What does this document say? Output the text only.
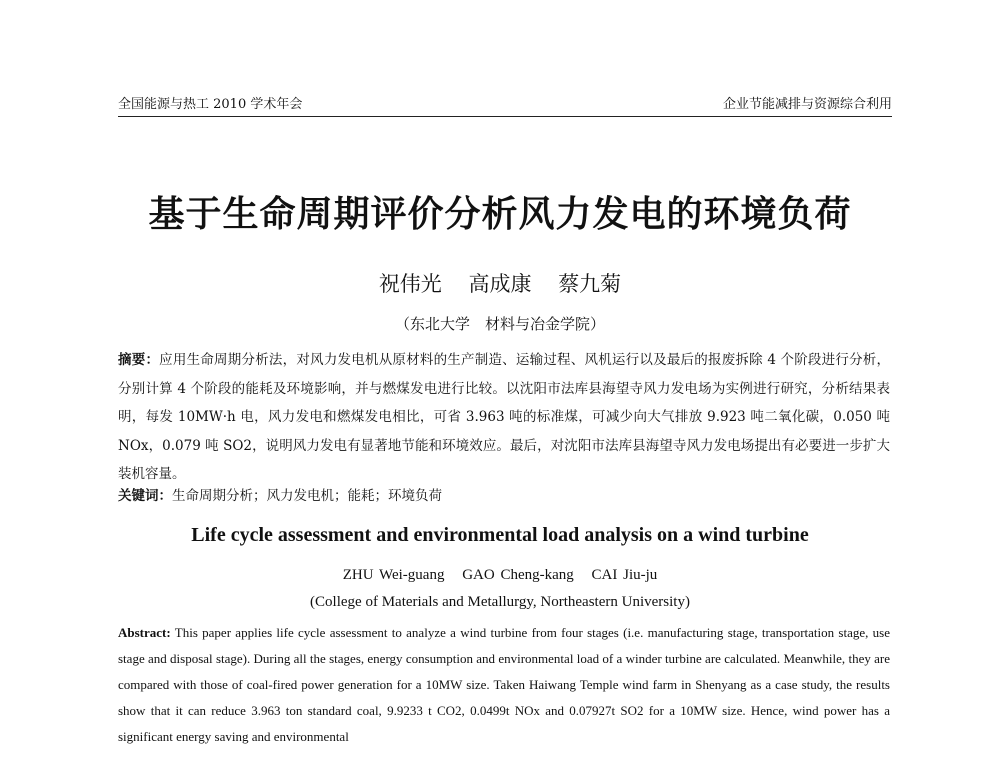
全国能源与热工 2010 学术年会	企业节能减排与资源综合利用
基于生命周期评价分析风力发电的环境负荷
祝伟光 高成康 蔡九菊
（东北大学　材料与冶金学院）
摘要：应用生命周期分析法，对风力发电机从原材料的生产制造、运输过程、风机运行以及最后的报废拆除 4 个阶段进行分析，分别计算 4 个阶段的能耗及环境影响，并与燃煤发电进行比较。以沈阳市法库县海望寺风力发电场为实例进行研究，分析结果表明，每发 10MW·h 电，风力发电和燃煤发电相比，可省 3.963 吨的标准煤，可减少向大气排放 9.923 吨二氧化碳，0.050 吨 NOx，0.079 吨 SO2，说明风力发电有显著地节能和环境效应。最后，对沈阳市法库县海望寺风力发电场提出有必要进一步扩大装机容量。
关键词：生命周期分析；风力发电机；能耗；环境负荷
Life cycle assessment and environmental load analysis on a wind turbine
ZHU Wei-guang GAO Cheng-kang CAI Jiu-ju
(College of Materials and Metallurgy, Northeastern University)
Abstract: This paper applies life cycle assessment to analyze a wind turbine from four stages (i.e. manufacturing stage, transportation stage, use stage and disposal stage). During all the stages, energy consumption and environmental load of a winder turbine are calculated. Meanwhile, they are compared with those of coal-fired power generation for a 10MW size. Taken Haiwang Temple wind farm in Shenyang as a case study, the results show that it can reduce 3.963 ton standard coal, 9.9233 t CO2, 0.0499t NOx and 0.07927t SO2 for a 10MW size. Hence, wind power has a significant energy saving and environmental
